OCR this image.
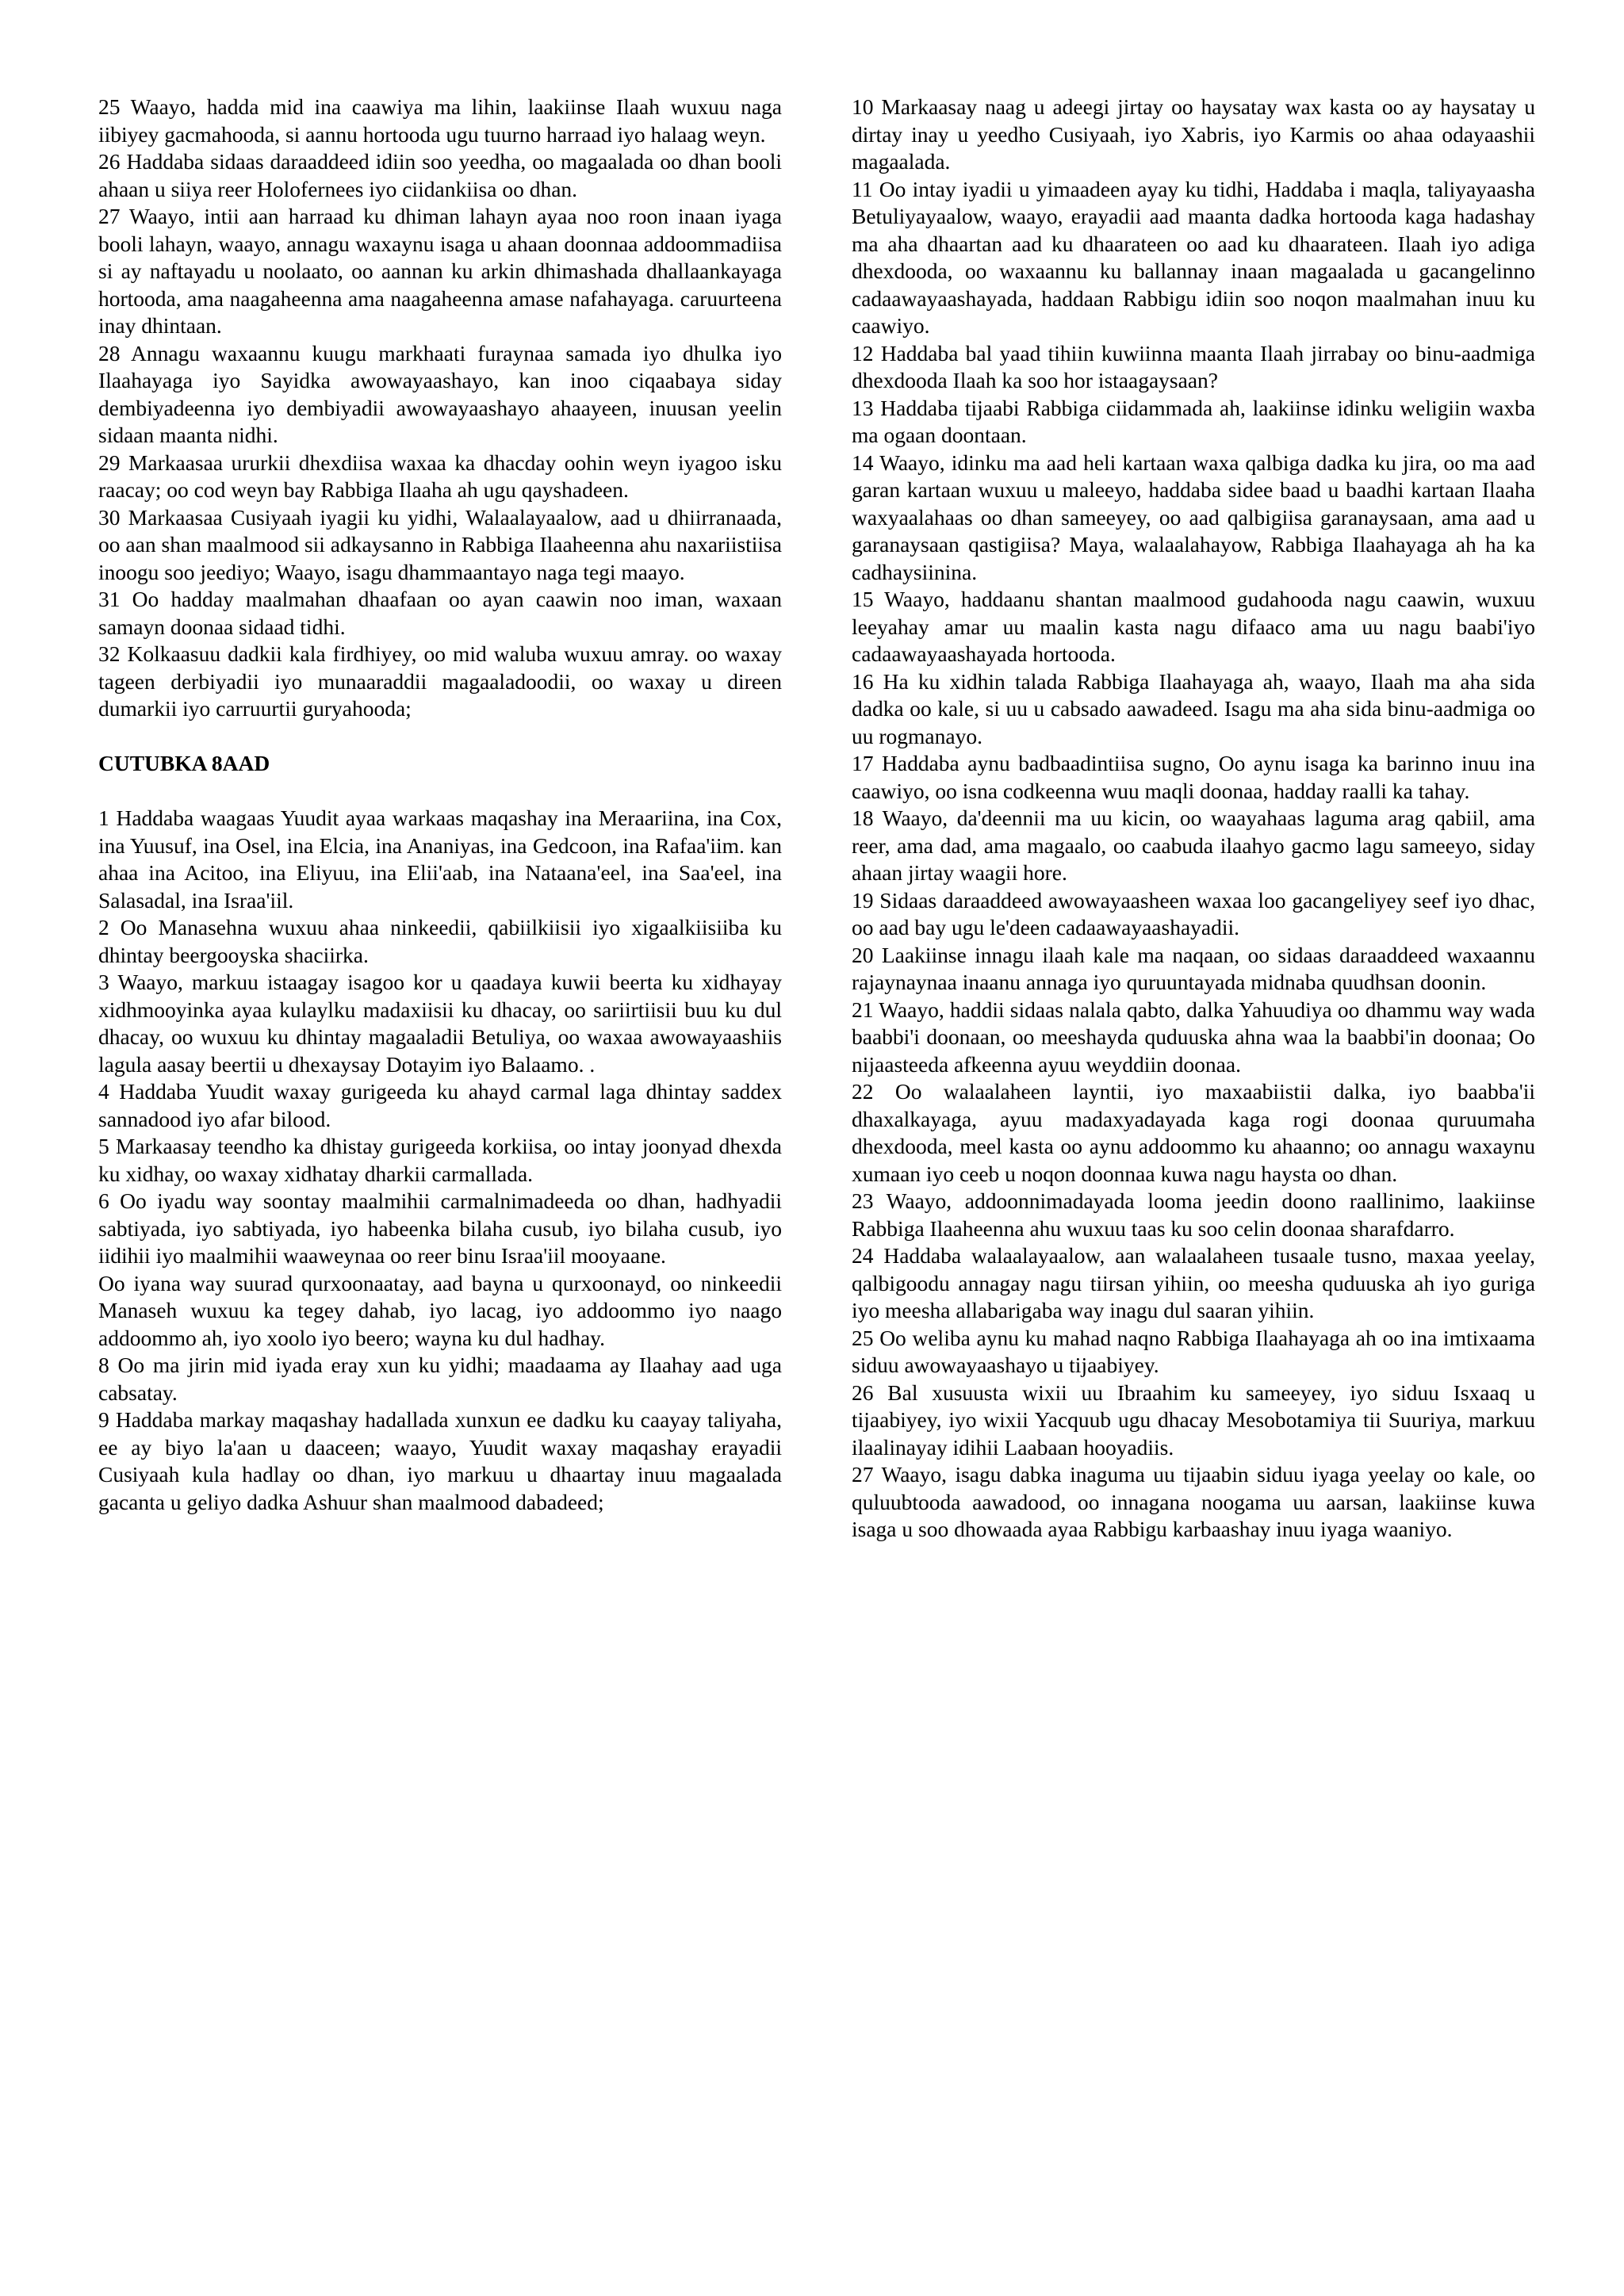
25 Waayo, hadda mid ina caawiya ma lihin, laakiinse Ilaah wuxuu naga iibiyey gacmahooda, si aannu hortooda ugu tuurno harraad iyo halaag weyn.

26 Haddaba sidaas daraaddeed idiin soo yeedha, oo magaalada oo dhan booli ahaan u siiya reer Holofernees iyo ciidankiisa oo dhan.

27 Waayo, intii aan harraad ku dhiman lahayn ayaa noo roon inaan iyaga booli lahayn, waayo, annagu waxaynu isaga u ahaan doonnaa addoommadiisa si ay naftayadu u noolaato, oo aannan ku arkin dhimashada dhallaankayaga hortooda, ama naagaheenna ama naagaheenna amase nafahayaga. caruurteena inay dhintaan.

28 Annagu waxaannu kuugu markhaati furaynaa samada iyo dhulka iyo Ilaahayaga iyo Sayidka awowayaashayo, kan inoo ciqaabaya siday dembiyadeenna iyo dembiyadii awowayaashayo ahaayeen, inuusan yeelin sidaan maanta nidhi.

29 Markaasaa ururkii dhexdiisa waxaa ka dhacday oohin weyn iyagoo isku raacay; oo cod weyn bay Rabbiga Ilaaha ah ugu qayshadeen.

30 Markaasaa Cusiyaah iyagii ku yidhi, Walaalayaalow, aad u dhiirranaada, oo aan shan maalmood sii adkaysanno in Rabbiga Ilaaheenna ahu naxariistiisa inoogu soo jeediyo; Waayo, isagu dhammaantayo naga tegi maayo.

31 Oo hadday maalmahan dhaafaan oo ayan caawin noo iman, waxaan samayn doonaa sidaad tidhi.

32 Kolkaasuu dadkii kala firdhiyey, oo mid waluba wuxuu amray. oo waxay tageen derbiyadii iyo munaaraddii magaaladoodii, oo waxay u direen dumarkii iyo carruurtii guryahooda;

CUTUBKA 8AAD

1 Haddaba waagaas Yuudit ayaa warkaas maqashay ina Meraariina, ina Cox, ina Yuusuf, ina Osel, ina Elcia, ina Ananiyas, ina Gedcoon, ina Rafaa'iim. kan ahaa ina Acitoo, ina Eliyuu, ina Elii'aab, ina Nataana'eel, ina Saa'eel, ina Salasadal, ina Israa'iil.

2 Oo Manasehna wuxuu ahaa ninkeedii, qabiilkiisii iyo xigaalkiisiiba ku dhintay beergooyska shaciirka.

3 Waayo, markuu istaagay isagoo kor u qaadaya kuwii beerta ku xidhayay xidhmooyinka ayaa kulaylku madaxiisii ku dhacay, oo sariirtiisii buu ku dul dhacay, oo wuxuu ku dhintay magaaladii Betuliya, oo waxaa awowayaashiis lagula aasay beertii u dhexaysay Dotayim iyo Balaamo. .

4 Haddaba Yuudit waxay gurigeeda ku ahayd carmal laga dhintay saddex sannadood iyo afar bilood.

5 Markaasay teendho ka dhistay gurigeeda korkiisa, oo intay joonyad dhexda ku xidhay, oo waxay xidhatay dharkii carmallada.

6 Oo iyadu way soontay maalmihii carmalnimadeeda oo dhan, hadhyadii sabtiyada, iyo sabtiyada, iyo habeenka bilaha cusub, iyo bilaha cusub, iyo iidihii iyo maalmihii waaweynaa oo reer binu Israa'iil mooyaane.

Oo iyana way suurad qurxoonaatay, aad bayna u qurxoonayd, oo ninkeedii Manaseh wuxuu ka tegey dahab, iyo lacag, iyo addoommo iyo naago addoommo ah, iyo xoolo iyo beero; wayna ku dul hadhay.

8 Oo ma jirin mid iyada eray xun ku yidhi; maadaama ay Ilaahay aad uga cabsatay.

9 Haddaba markay maqashay hadallada xunxun ee dadku ku caayay taliyaha, ee ay biyo la'aan u daaceen; waayo, Yuudit waxay maqashay erayadii Cusiyaah kula hadlay oo dhan, iyo markuu u dhaartay inuu magaalada gacanta u geliyo dadka Ashuur shan maalmood dabadeed;

10 Markaasay naag u adeegi jirtay oo haysatay wax kasta oo ay haysatay u dirtay inay u yeedho Cusiyaah, iyo Xabris, iyo Karmis oo ahaa odayaashii magaalada.

11 Oo intay iyadii u yimaadeen ayay ku tidhi, Haddaba i maqla, taliyayaasha Betuliyayaalow, waayo, erayadii aad maanta dadka hortooda kaga hadashay ma aha dhaartan aad ku dhaarateen oo aad ku dhaarateen. Ilaah iyo adiga dhexdooda, oo waxaannu ku ballannay inaan magaalada u gacangelinno cadaawayaashayada, haddaan Rabbigu idiin soo noqon maalmahan inuu ku caawiyo.

12 Haddaba bal yaad tihiin kuwiinna maanta Ilaah jirrabay oo binu-aadmiga dhexdooda Ilaah ka soo hor istaagaysaan?

13 Haddaba tijaabi Rabbiga ciidammada ah, laakiinse idinku weligiin waxba ma ogaan doontaan.

14 Waayo, idinku ma aad heli kartaan waxa qalbiga dadka ku jira, oo ma aad garan kartaan wuxuu u maleeyo, haddaba sidee baad u baadhi kartaan Ilaaha waxyaalahaas oo dhan sameeyey, oo aad qalbigiisa garanaysaan, ama aad u garanaysaan qastigiisa? Maya, walaalahayow, Rabbiga Ilaahayaga ah ha ka cadhaysiinina.

15 Waayo, haddaanu shantan maalmood gudahooda nagu caawin, wuxuu leeyahay amar uu maalin kasta nagu difaaco ama uu nagu baabi'iyo cadaawayaashayada hortooda.

16 Ha ku xidhin talada Rabbiga Ilaahayaga ah, waayo, Ilaah ma aha sida dadka oo kale, si uu u cabsado aawadeed. Isagu ma aha sida binu-aadmiga oo uu rogmanayo.

17 Haddaba aynu badbaadintiisa sugno, Oo aynu isaga ka barinno inuu ina caawiyo, oo isna codkeenna wuu maqli doonaa, hadday raalli ka tahay.

18 Waayo, da'deennii ma uu kicin, oo waayahaas laguma arag qabiil, ama reer, ama dad, ama magaalo, oo caabuda ilaahyo gacmo lagu sameeyo, siday ahaan jirtay waagii hore.

19 Sidaas daraaddeed awowayaasheen waxaa loo gacangeliyey seef iyo dhac, oo aad bay ugu le'deen cadaawayaashayadii.

20 Laakiinse innagu ilaah kale ma naqaan, oo sidaas daraaddeed waxaannu rajaynaynaa inaanu annaga iyo quruuntayada midnaba quudhsan doonin.

21 Waayo, haddii sidaas nalala qabto, dalka Yahuudiya oo dhammu way wada baabbi'i doonaan, oo meeshayda quduuska ahna waa la baabbi'in doonaa; Oo nijaasteeda afkeenna ayuu weyddiin doonaa.

22 Oo walaalaheen layntii, iyo maxaabiistii dalka, iyo baabba'ii dhaxalkayaga, ayuu madaxyadayada kaga rogi doonaa quruumaha dhexdooda, meel kasta oo aynu addoommo ku ahaanno; oo annagu waxaynu xumaan iyo ceeb u noqon doonnaa kuwa nagu haysta oo dhan.

23 Waayo, addoonnimadayada looma jeedin doono raallinimo, laakiinse Rabbiga Ilaaheenna ahu wuxuu taas ku soo celin doonaa sharafdarro.

24 Haddaba walaalayaalow, aan walaalaheen tusaale tusno, maxaa yeelay, qalbigoodu annagay nagu tiirsan yihiin, oo meesha quduuska ah iyo guriga iyo meesha allabarigaba way inagu dul saaran yihiin.

25 Oo weliba aynu ku mahad naqno Rabbiga Ilaahayaga ah oo ina imtixaama siduu awowayaashayo u tijaabiyey.

26 Bal xusuusta wixii uu Ibraahim ku sameeyey, iyo siduu Isxaaq u tijaabiyey, iyo wixii Yacquub ugu dhacay Mesobotamiya tii Suuriya, markuu ilaalinayay idihii Laabaan hooyadiis.

27 Waayo, isagu dabka inaguma uu tijaabin siduu iyaga yeelay oo kale, oo quluubtooda aawadood, oo innagana noogama uu aarsan, laakiinse kuwa isaga u soo dhowaada ayaa Rabbigu karbaashay inuu iyaga waaniyo.
